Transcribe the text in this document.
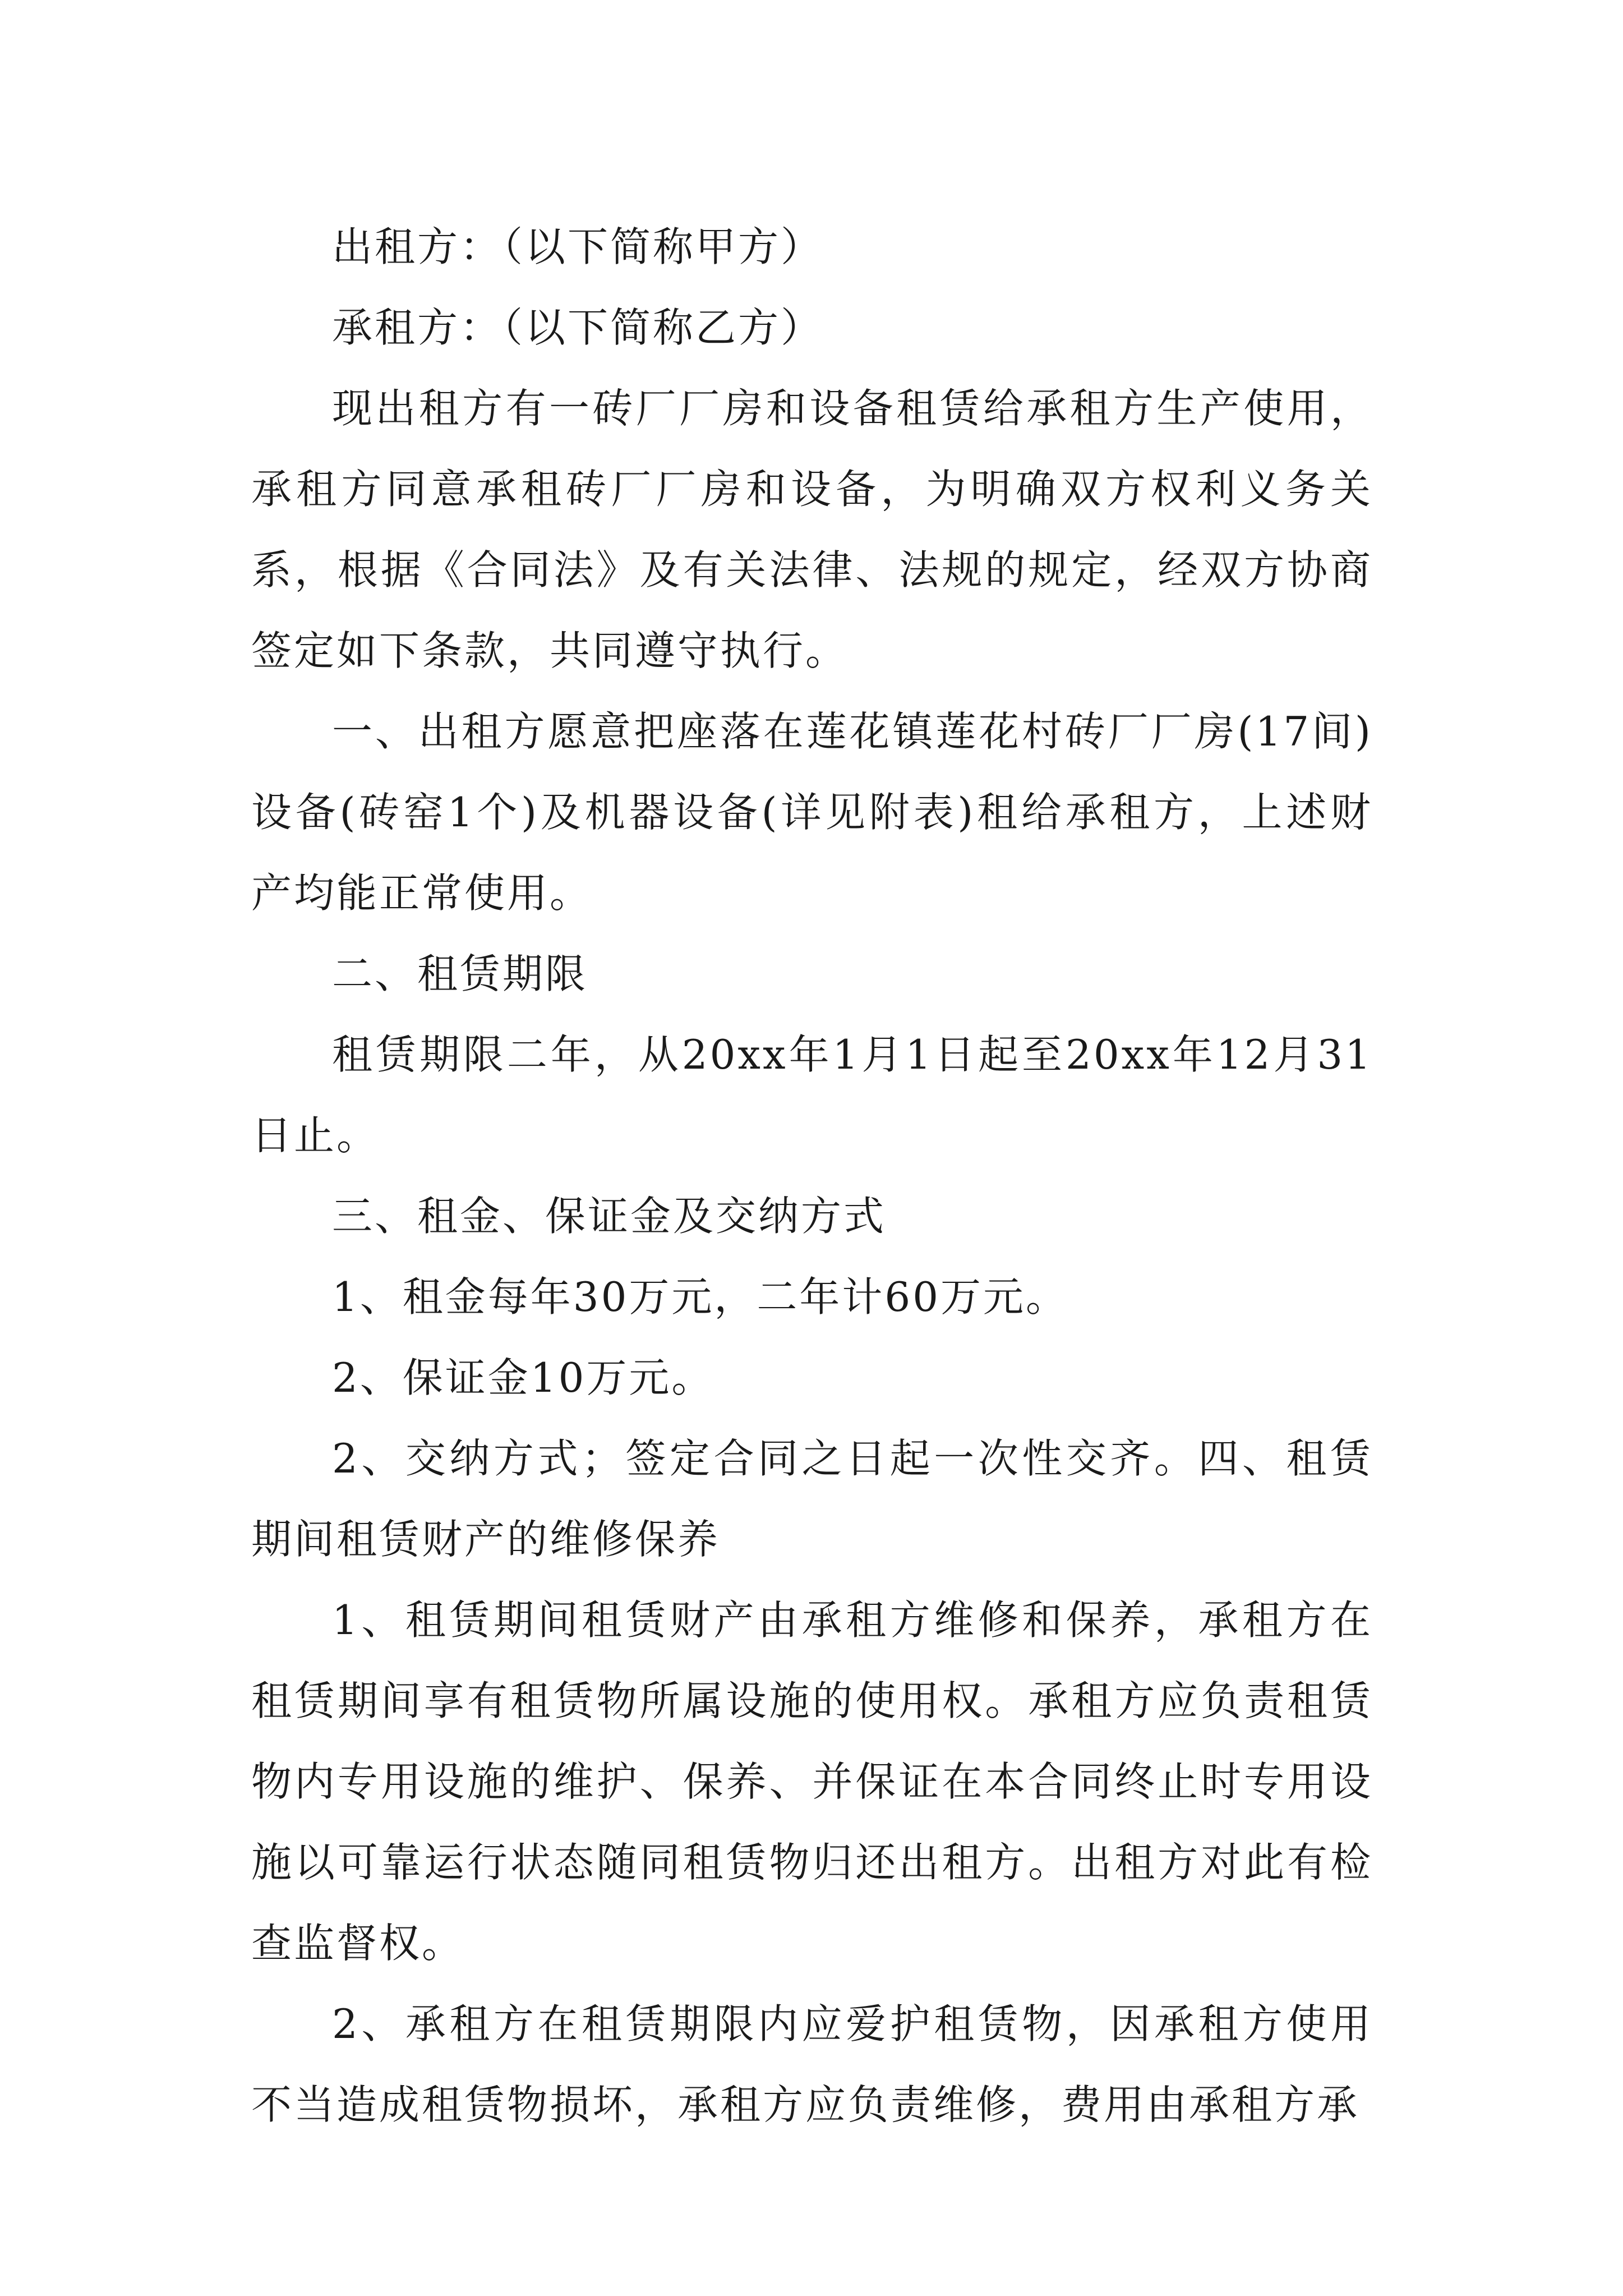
出租方：（以下简称甲方）

承租方：（以下简称乙方）

现出租方有一砖厂厂房和设备租赁给承租方生产使用，承租方同意承租砖厂厂房和设备，为明确双方权利义务关系，根据《合同法》及有关法律、法规的规定，经双方协商签定如下条款，共同遵守执行。

一、出租方愿意把座落在莲花镇莲花村砖厂厂房(17间)设备(砖窑1个)及机器设备(详见附表)租给承租方，上述财产均能正常使用。

二、租赁期限

租赁期限二年，从20xx年1月1日起至20xx年12月31日止。

三、租金、保证金及交纳方式

1、租金每年30万元，二年计60万元。

2、保证金10万元。

2、交纳方式；签定合同之日起一次性交齐。四、租赁期间租赁财产的维修保养

1、租赁期间租赁财产由承租方维修和保养，承租方在租赁期间享有租赁物所属设施的使用权。承租方应负责租赁物内专用设施的维护、保养、并保证在本合同终止时专用设施以可靠运行状态随同租赁物归还出租方。出租方对此有检查监督权。

2、承租方在租赁期限内应爱护租赁物，因承租方使用不当造成租赁物损坏，承租方应负责维修，费用由承租方承
